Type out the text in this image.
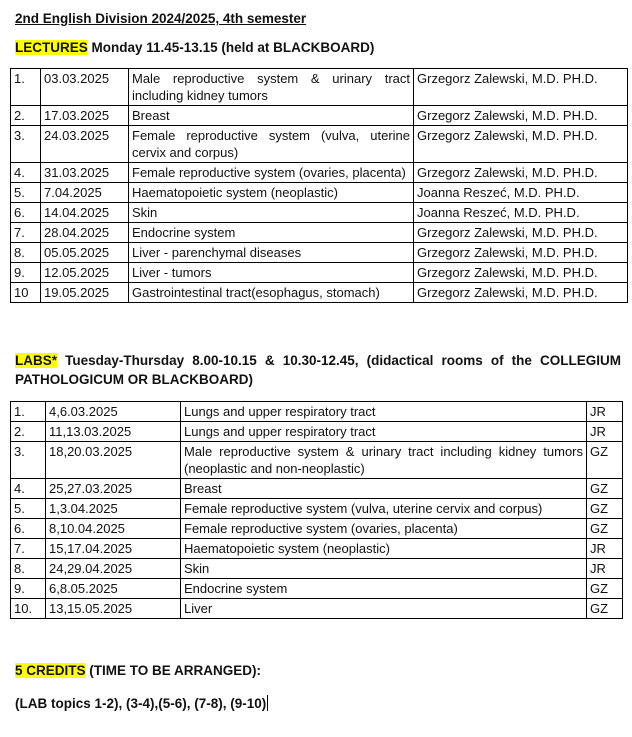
2nd English Division 2024/2025, 4th semester
LECTURES Monday 11.45-13.15 (held at BLACKBOARD)
1.	03.03.2025	Male reproductive system & urinary tract including kidney tumors	Grzegorz Zalewski, M.D. PH.D.
2.	17.03.2025	Breast	Grzegorz Zalewski, M.D. PH.D.
3.	24.03.2025	Female reproductive system (vulva, uterine cervix and corpus)	Grzegorz Zalewski, M.D. PH.D.
4.	31.03.2025	Female reproductive system (ovaries, placenta)	Grzegorz Zalewski, M.D. PH.D.
5.	7.04.2025	Haematopoietic system (neoplastic)	Joanna Reszeć, M.D. PH.D.
6.	14.04.2025	Skin	Joanna Reszeć, M.D. PH.D.
7.	28.04.2025	Endocrine system	Grzegorz Zalewski, M.D. PH.D.
8.	05.05.2025	Liver - parenchymal diseases	Grzegorz Zalewski, M.D. PH.D.
9.	12.05.2025	Liver - tumors	Grzegorz Zalewski, M.D. PH.D.
10	19.05.2025	Gastrointestinal tract(esophagus, stomach)	Grzegorz Zalewski, M.D. PH.D.
LABS* Tuesday-Thursday 8.00-10.15 & 10.30-12.45, (didactical rooms of the COLLEGIUM PATHOLOGICUM OR BLACKBOARD)
1.	4,6.03.2025	Lungs and upper respiratory tract	JR
2.	11,13.03.2025	Lungs and upper respiratory tract	JR
3.	18,20.03.2025	Male reproductive system & urinary tract including kidney tumors (neoplastic and non-neoplastic)	GZ
4.	25,27.03.2025	Breast	GZ
5.	1,3.04.2025	Female reproductive system (vulva, uterine cervix and corpus)	GZ
6.	8,10.04.2025	Female reproductive system (ovaries, placenta)	GZ
7.	15,17.04.2025	Haematopoietic system (neoplastic)	JR
8.	24,29.04.2025	Skin	JR
9.	6,8.05.2025	Endocrine system	GZ
10.	13,15.05.2025	Liver	GZ
5 CREDITS (TIME TO BE ARRANGED):
(LAB topics 1-2), (3-4),(5-6), (7-8), (9-10)
